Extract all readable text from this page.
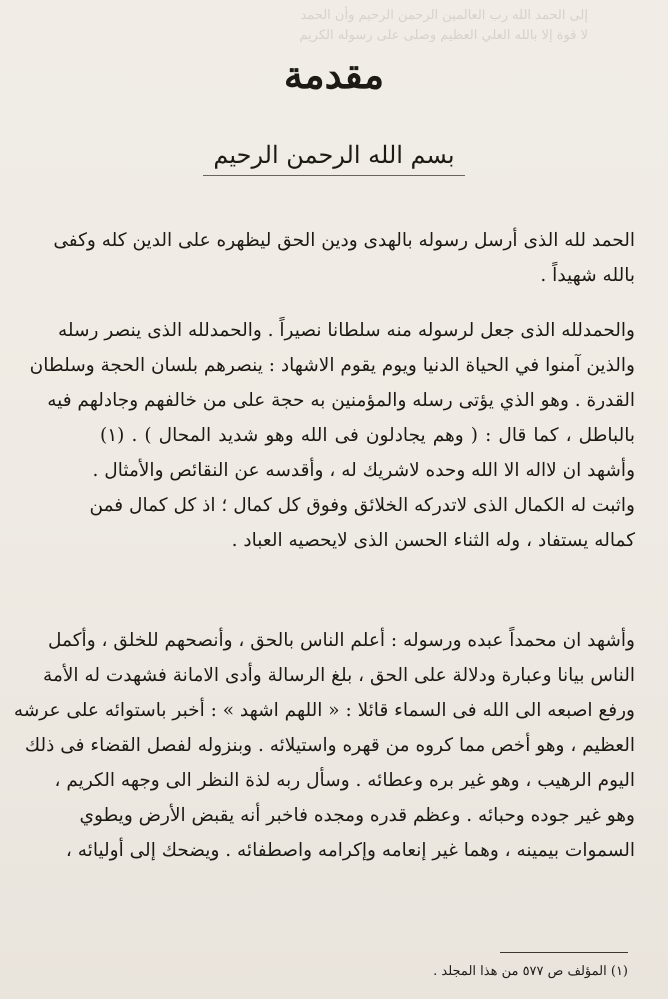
إلى الحمد الله رب العالمين الرحمن الرحيم وأن الحمد
لا قوة إلا بالله العلي العظيم وصلى على رسوله الكريم
مقدمة
بسم الله الرحمن الرحيم
الحمد لله الذى أرسل رسوله بالهدى ودين الحق ليظهره على الدين كله وكفى
بالله شهيداً .
والحمدلله الذى جعل لرسوله منه سلطانا نصيراً . والحمدلله الذى ينصر رسله
والذين آمنوا في الحياة الدنيا ويوم يقوم الاشهاد : ينصرهم بلسان الحجة وسلطان
القدرة . وهو الذي يؤتى رسله والمؤمنين به حجة على من خالفهم وجادلهم فيه
بالباطل ، كما قال : ( وهم يجادلون فى الله وهو شديد المحال ) . (١)
وأشهد ان لااله الا الله وحده لاشريك له ، وأقدسه عن النقائص والأمثال .
واثبت له الكمال الذى لاتدركه الخلائق وفوق كل كمال ؛ اذ كل كمال فمن
كماله يستفاد ، وله الثناء الحسن الذى لايحصيه العباد .
وأشهد ان محمداً عبده ورسوله : أعلم الناس بالحق ، وأنصحهم للخلق ، وأكمل
الناس بيانا وعبارة ودلالة على الحق ، بلغ الرسالة وأدى الامانة فشهدت له الأمة
ورفع اصبعه الى الله فى السماء قائلا : « اللهم اشهد » : أخبر باستوائه على عرشه
العظيم ، وهو أخص مما كروه من قهره واستيلائه . وبنزوله لفصل القضاء فى ذلك
اليوم الرهيب ، وهو غير بره وعطائه . وسأل ربه لذة النظر الى وجهه الكريم ،
وهو غير جوده وحبائه . وعظم قدره ومجده فاخبر أنه يقبض الأرض ويطوي
السموات بيمينه ، وهما غير إنعامه وإكرامه واصطفائه . ويضحك إلى أوليائه ،
(١) المؤلف ص ٥٧٧ من هذا المجلد .
